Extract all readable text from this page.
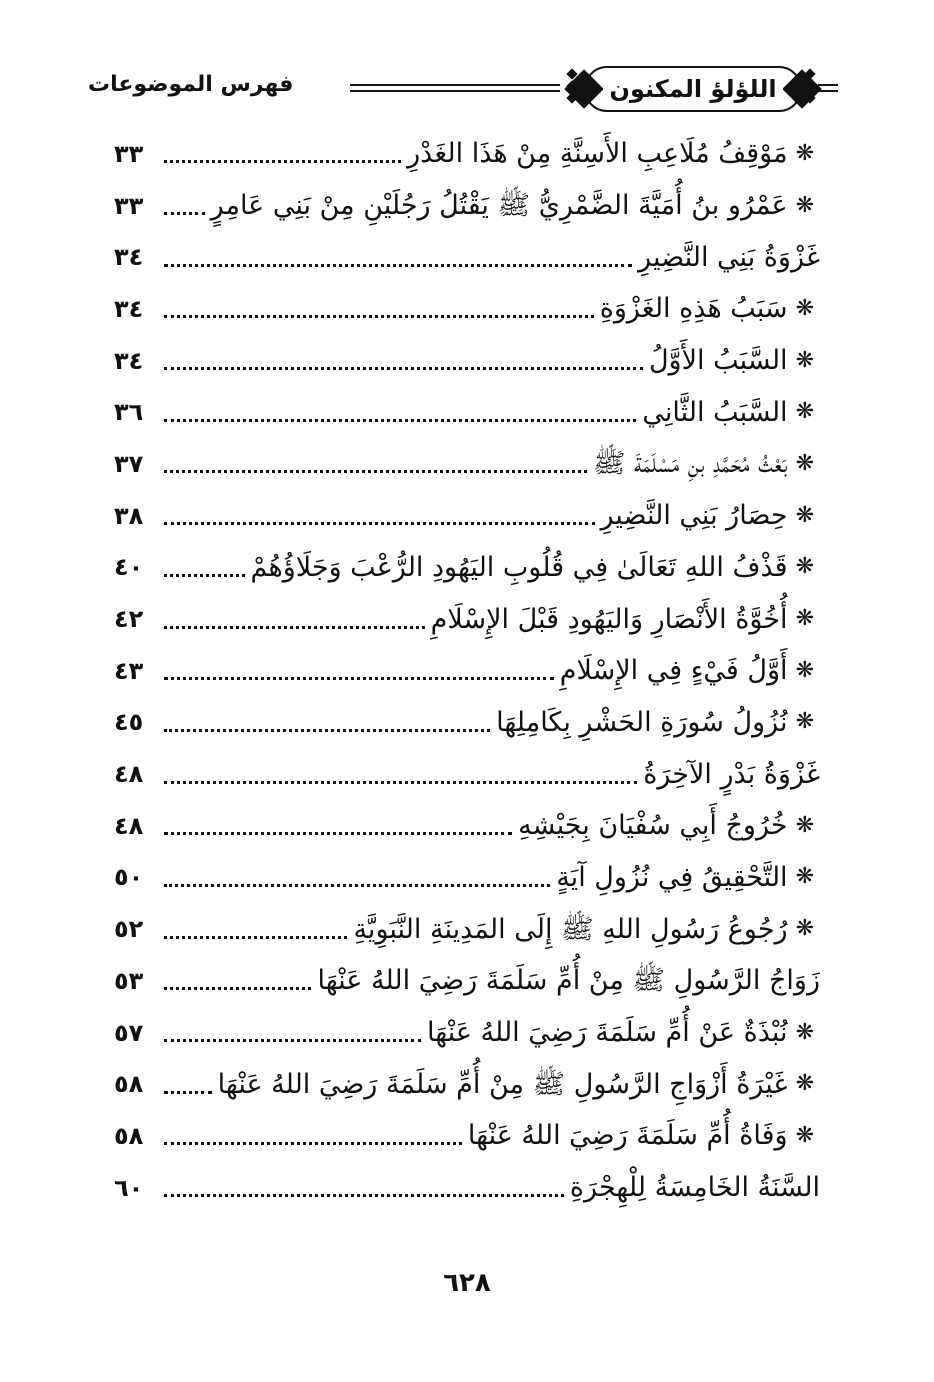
اللؤلؤ المكنون
فهرس الموضوعات
❋
مَوْقِفُ مُلَاعِبِ الأَسِنَّةِ مِنْ هَذَا الغَدْرِ
٣٣
❋
عَمْرُو بنُ أُمَيَّةَ الضَّمْرِيُّ ﷺ يَقْتُلُ رَجُلَيْنِ مِنْ بَنِي عَامِرٍ
٣٣
غَزْوَةُ بَنِي النَّضِيرِ
٣٤
❋
سَبَبُ هَذِهِ الغَزْوَةِ
٣٤
❋
السَّبَبُ الأَوَّلُ
٣٤
❋
السَّبَبُ الثَّانِي
٣٦
❋
بَعْثُ مُحَمَّدِ بنِ مَسْلَمَةَ ﷺ
٣٧
❋
حِصَارُ بَنِي النَّضِيرِ
٣٨
❋
قَذْفُ اللهِ تَعَالَىٰ فِي قُلُوبِ اليَهُودِ الرُّعْبَ وَجَلَاؤُهُمْ
٤٠
❋
أُخُوَّةُ الأَنْصَارِ وَاليَهُودِ قَبْلَ الإِسْلَامِ
٤٢
❋
أَوَّلُ فَيْءٍ فِي الإِسْلَامِ
٤٣
❋
نُزُولُ سُورَةِ الحَشْرِ بِكَامِلِهَا
٤٥
غَزْوَةُ بَدْرٍ الآخِرَةُ
٤٨
❋
خُرُوجُ أَبِي سُفْيَانَ بِجَيْشِهِ
٤٨
❋
التَّحْقِيقُ فِي نُزُولِ آيَةٍ
٥٠
❋
رُجُوعُ رَسُولِ اللهِ ﷺ إِلَى المَدِينَةِ النَّبَوِيَّةِ
٥٢
زَوَاجُ الرَّسُولِ ﷺ مِنْ أُمِّ سَلَمَةَ رَضِيَ اللهُ عَنْهَا
٥٣
❋
نُبْذَةٌ عَنْ أُمِّ سَلَمَةَ رَضِيَ اللهُ عَنْهَا
٥٧
❋
غَيْرَةُ أَزْوَاجِ الرَّسُولِ ﷺ مِنْ أُمِّ سَلَمَةَ رَضِيَ اللهُ عَنْهَا
٥٨
❋
وَفَاةُ أُمِّ سَلَمَةَ رَضِيَ اللهُ عَنْهَا
٥٨
السَّنَةُ الخَامِسَةُ لِلْهِجْرَةِ
٦٠
٦٢٨
